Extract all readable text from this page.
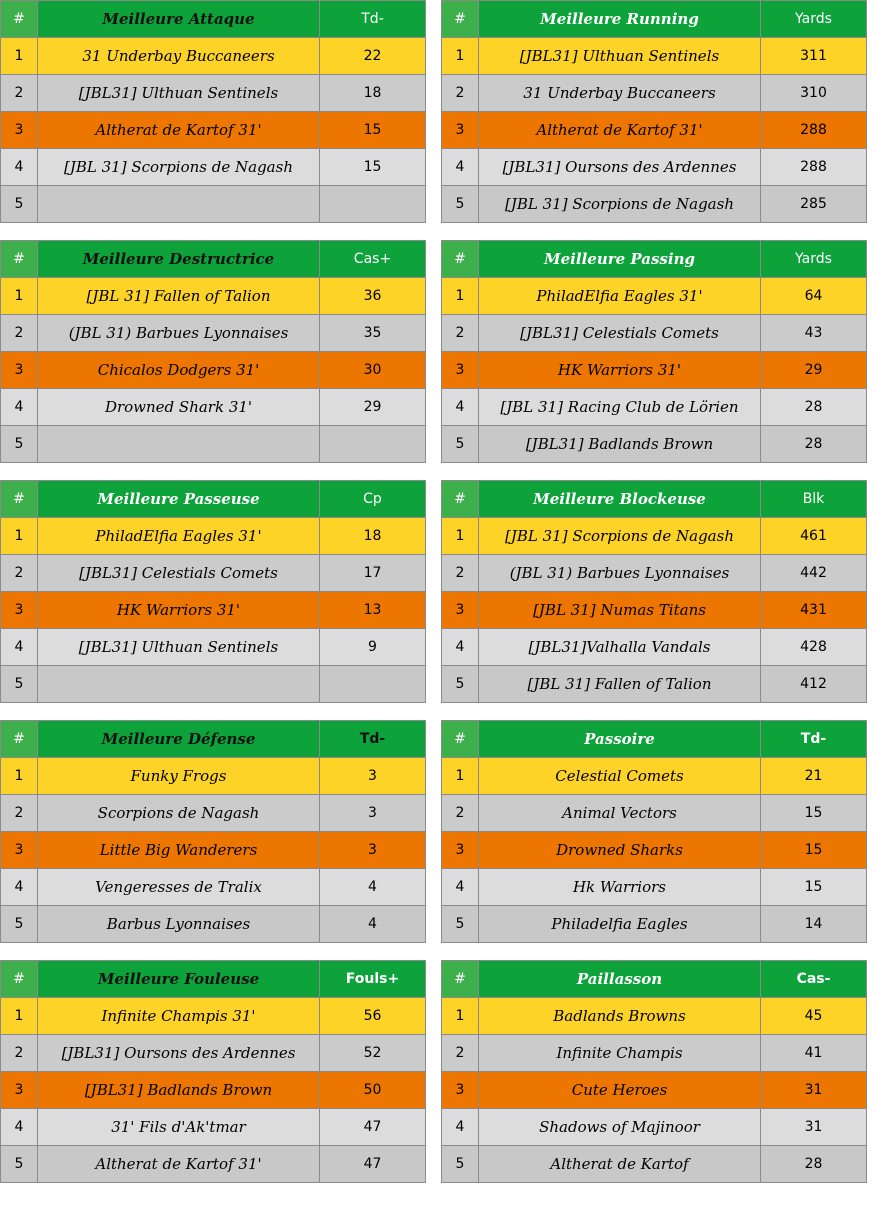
#	Meilleure Attaque	Td-
1	31 Underbay Buccaneers	22
2	[JBL31] Ulthuan Sentinels	18
3	Altherat de Kartof 31'	15
4	[JBL 31] Scorpions de Nagash	15
5		
#	Meilleure Running	Yards
1	[JBL31] Ulthuan Sentinels	311
2	31 Underbay Buccaneers	310
3	Altherat de Kartof 31'	288
4	[JBL31] Oursons des Ardennes	288
5	[JBL 31] Scorpions de Nagash	285
#	Meilleure Destructrice	Cas+
1	[JBL 31] Fallen of Talion	36
2	(JBL 31) Barbues Lyonnaises	35
3	Chicalos Dodgers 31'	30
4	Drowned Shark 31'	29
5		
#	Meilleure Passing	Yards
1	PhiladElfia Eagles 31'	64
2	[JBL31] Celestials Comets	43
3	HK Warriors 31'	29
4	[JBL 31] Racing Club de Lörien	28
5	[JBL31] Badlands Brown	28
#	Meilleure Passeuse	Cp
1	PhiladElfia Eagles 31'	18
2	[JBL31] Celestials Comets	17
3	HK Warriors 31'	13
4	[JBL31] Ulthuan Sentinels	9
5		
#	Meilleure Blockeuse	Blk
1	[JBL 31] Scorpions de Nagash	461
2	(JBL 31) Barbues Lyonnaises	442
3	[JBL 31] Numas Titans	431
4	[JBL31]Valhalla Vandals	428
5	[JBL 31] Fallen of Talion	412
#	Meilleure Défense	Td-
1	Funky Frogs	3
2	Scorpions de Nagash	3
3	Little Big Wanderers	3
4	Vengeresses de Tralix	4
5	Barbus Lyonnaises	4
#	Passoire	Td-
1	Celestial Comets	21
2	Animal Vectors	15
3	Drowned Sharks	15
4	Hk Warriors	15
5	Philadelfia Eagles	14
#	Meilleure Fouleuse	Fouls+
1	Infinite Champis 31'	56
2	[JBL31] Oursons des Ardennes	52
3	[JBL31] Badlands Brown	50
4	31' Fils d'Ak'tmar	47
5	Altherat de Kartof 31'	47
#	Paillasson	Cas-
1	Badlands Browns	45
2	Infinite Champis	41
3	Cute Heroes	31
4	Shadows of Majinoor	31
5	Altherat de Kartof	28
